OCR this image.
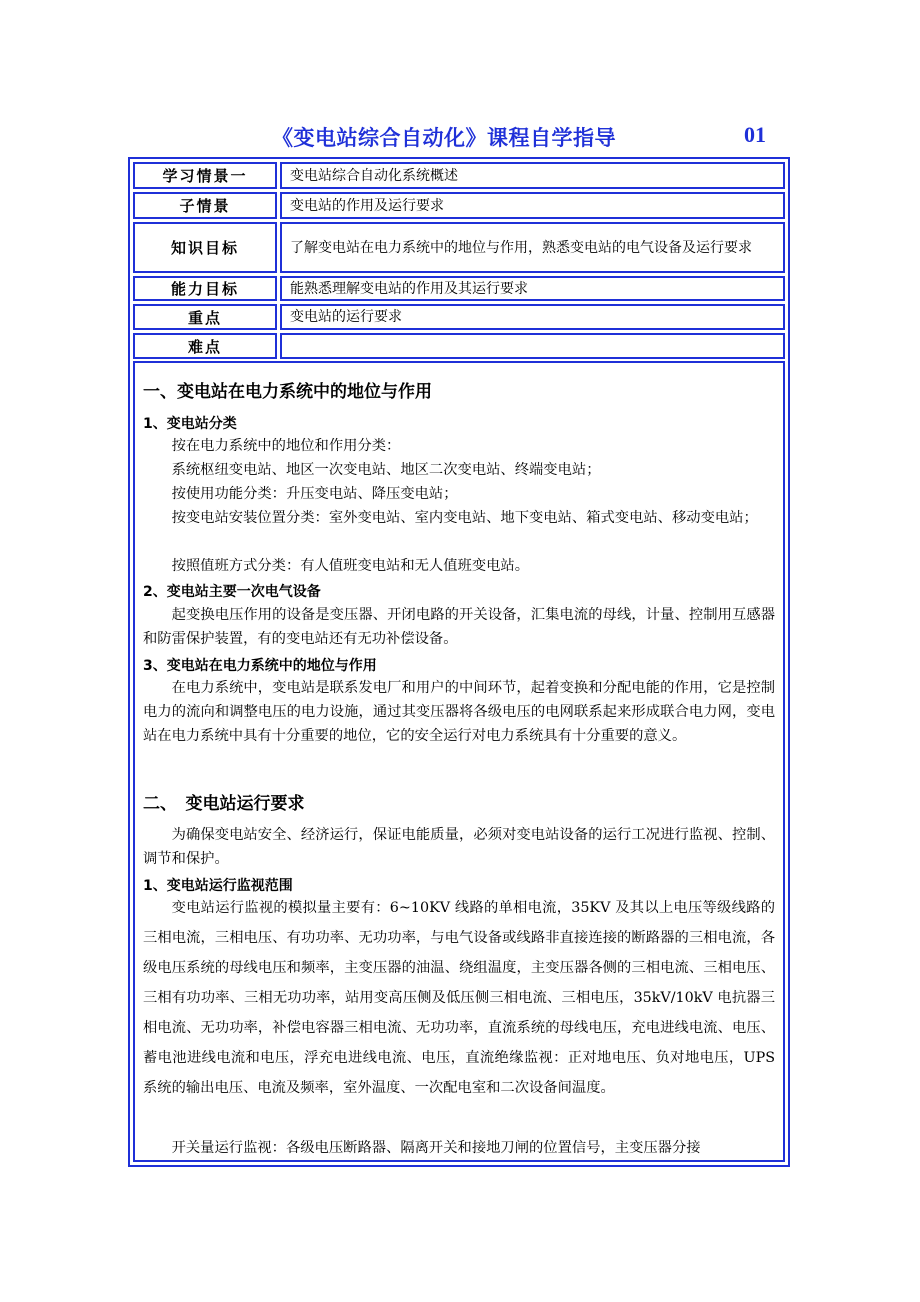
《变电站综合自动化》课程自学指导	01
学习情景一	变电站综合自动化系统概述
子情景	变电站的作用及运行要求
知识目标	了解变电站在电力系统中的地位与作用，熟悉变电站的电气设备及运行要求
能力目标	能熟悉理解变电站的作用及其运行要求
重点	变电站的运行要求
难点
一、变电站在电力系统中的地位与作用
1、变电站分类
按在电力系统中的地位和作用分类：
系统枢纽变电站、地区一次变电站、地区二次变电站、终端变电站；
按使用功能分类：升压变电站、降压变电站；
按变电站安装位置分类：室外变电站、室内变电站、地下变电站、箱式变电站、移动变电站；
按照值班方式分类：有人值班变电站和无人值班变电站。
2、变电站主要一次电气设备
起变换电压作用的设备是变压器、开闭电路的开关设备，汇集电流的母线，计量、控制用互感器和防雷保护装置，有的变电站还有无功补偿设备。
3、变电站在电力系统中的地位与作用
在电力系统中，变电站是联系发电厂和用户的中间环节，起着变换和分配电能的作用，它是控制电力的流向和调整电压的电力设施，通过其变压器将各级电压的电网联系起来形成联合电力网，变电站在电力系统中具有十分重要的地位，它的安全运行对电力系统具有十分重要的意义。
二、　变电站运行要求
为确保变电站安全、经济运行，保证电能质量，必须对变电站设备的运行工况进行监视、控制、调节和保护。
1、变电站运行监视范围
变电站运行监视的模拟量主要有：6~10KV 线路的单相电流，35KV 及其以上电压等级线路的三相电流，三相电压、有功功率、无功功率，与电气设备或线路非直接连接的断路器的三相电流，各级电压系统的母线电压和频率，主变压器的油温、绕组温度，主变压器各侧的三相电流、三相电压、三相有功功率、三相无功功率，站用变高压侧及低压侧三相电流、三相电压，35kV/10kV 电抗器三相电流、无功功率，补偿电容器三相电流、无功功率，直流系统的母线电压，充电进线电流、电压、蓄电池进线电流和电压，浮充电进线电流、电压，直流绝缘监视：正对地电压、负对地电压，UPS 系统的输出电压、电流及频率，室外温度、一次配电室和二次设备间温度。
开关量运行监视：各级电压断路器、隔离开关和接地刀闸的位置信号，主变压器分接
